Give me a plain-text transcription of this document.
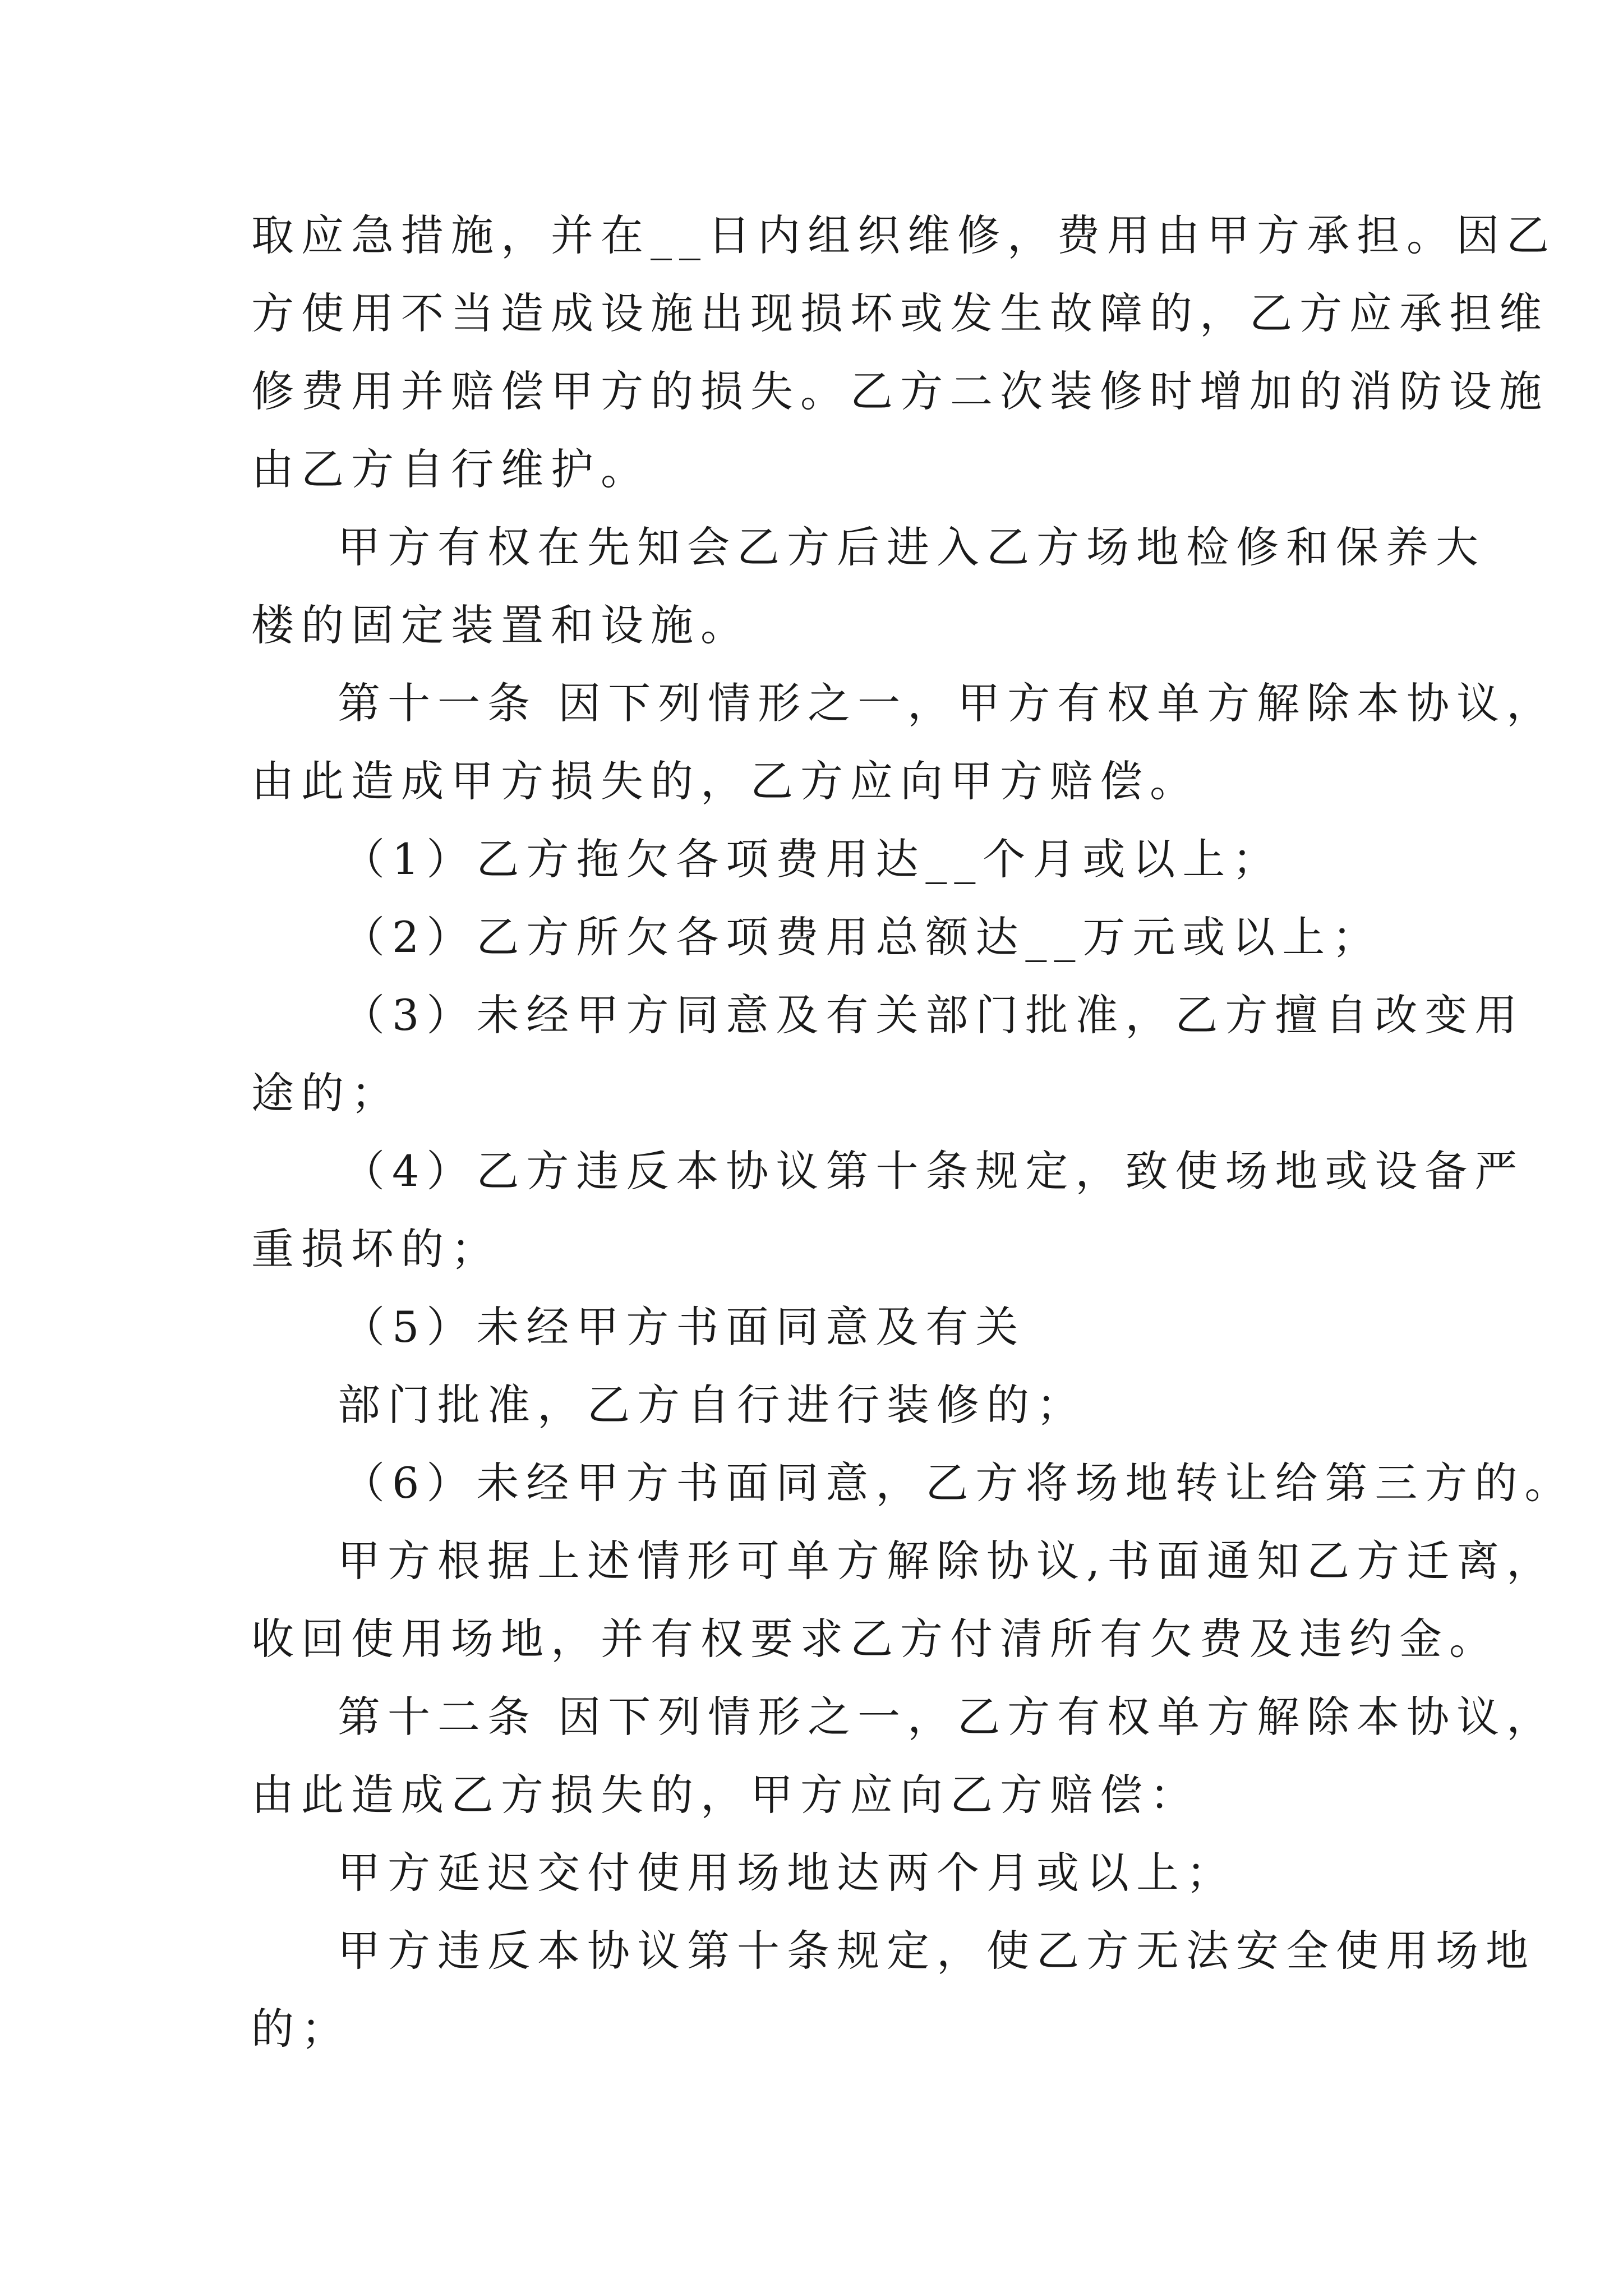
取应急措施，并在__日内组织维修，费用由甲方承担。因乙
方使用不当造成设施出现损坏或发生故障的，乙方应承担维
修费用并赔偿甲方的损失。乙方二次装修时增加的消防设施
由乙方自行维护。
甲方有权在先知会乙方后进入乙方场地检修和保养大
楼的固定装置和设施。
第十一条 因下列情形之一，甲方有权单方解除本协议，
由此造成甲方损失的，乙方应向甲方赔偿。
（1）乙方拖欠各项费用达__个月或以上；
（2）乙方所欠各项费用总额达__万元或以上；
（3）未经甲方同意及有关部门批准，乙方擅自改变用
途的；
（4）乙方违反本协议第十条规定，致使场地或设备严
重损坏的；
（5）未经甲方书面同意及有关
部门批准，乙方自行进行装修的；
（6）未经甲方书面同意，乙方将场地转让给第三方的。
甲方根据上述情形可单方解除协议,书面通知乙方迁离，
收回使用场地，并有权要求乙方付清所有欠费及违约金。
第十二条 因下列情形之一，乙方有权单方解除本协议，
由此造成乙方损失的，甲方应向乙方赔偿：
甲方延迟交付使用场地达两个月或以上；
甲方违反本协议第十条规定，使乙方无法安全使用场地
的；
